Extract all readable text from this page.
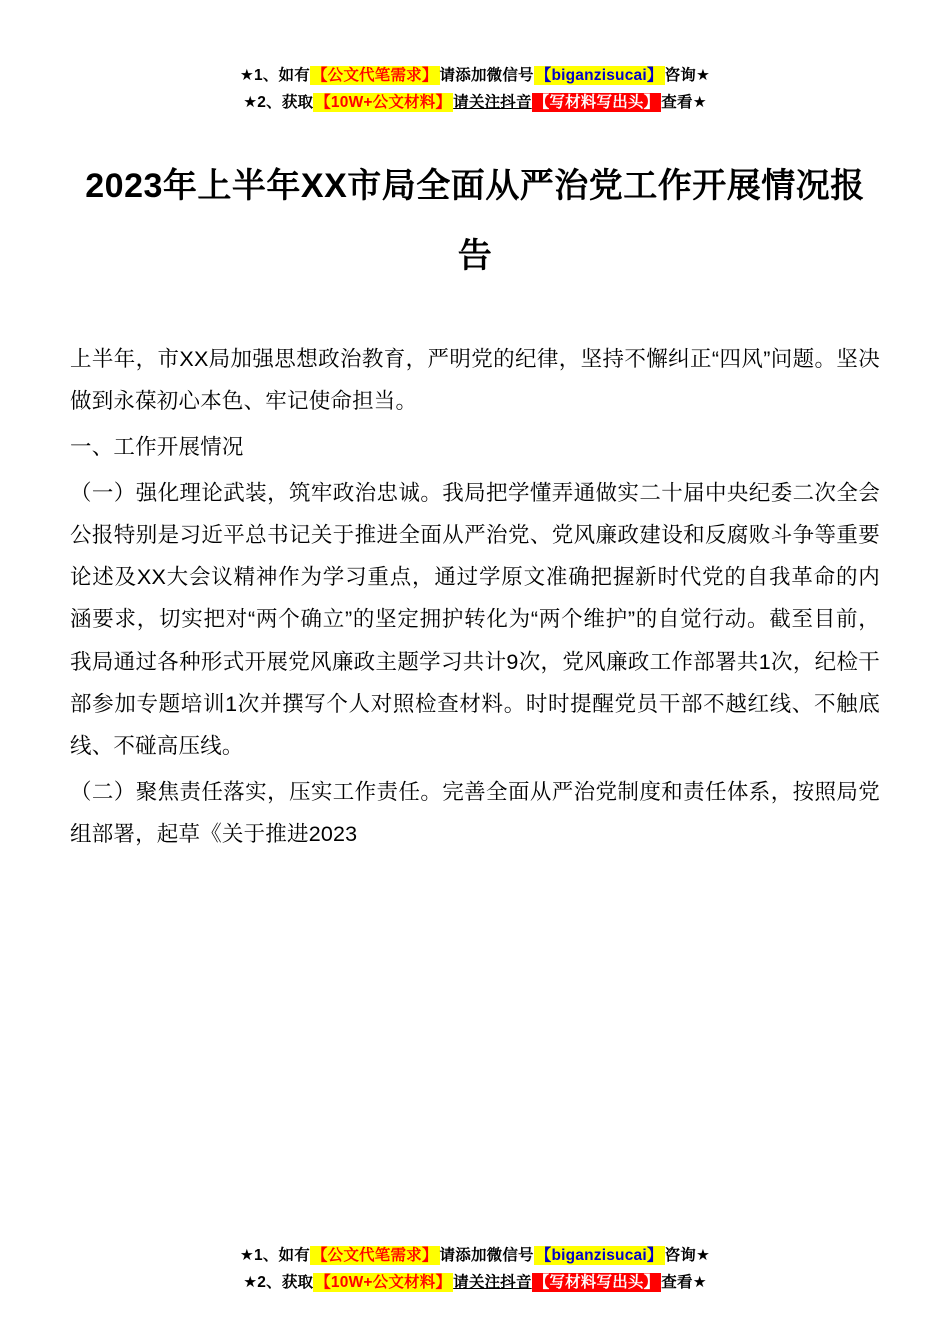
★1、如有 【公文代笔需求】 请添加微信号 【biganzisucai】 咨询★
★2、获取 【10W+公文材料】 请关注抖音 【写材料写出头】 查看★
2023年上半年XX市局全面从严治党工作开展情况报告

上半年，市XX局加强思想政治教育，严明党的纪律，坚持不懈纠正“四风”问题。坚决做到永葆初心本色、牢记使命担当。

一、工作开展情况

（一）强化理论武装，筑牢政治忠诚。我局把学懂弄通做实二十届中央纪委二次全会公报特别是习近平总书记关于推进全面从严治党、党风廉政建设和反腐败斗争等重要论述及XX大会议精神作为学习重点，通过学原文准确把握新时代党的自我革命的内涵要求，切实把对“两个确立”的坚定拥护转化为“两个维护”的自觉行动。截至目前，我局通过各种形式开展党风廉政主题学习共计9次，党风廉政工作部署共1次，纪检干部参加专题培训1次并撰写个人对照检查材料。时时提醒党员干部不越红线、不触底线、不碰高压线。

（二）聚焦责任落实，压实工作责任。完善全面从严治党制度和责任体系，按照局党组部署，起草《关于推进2023

★1、如有 【公文代笔需求】 请添加微信号 【biganzisucai】 咨询★
★2、获取 【10W+公文材料】 请关注抖音 【写材料写出头】 查看★
